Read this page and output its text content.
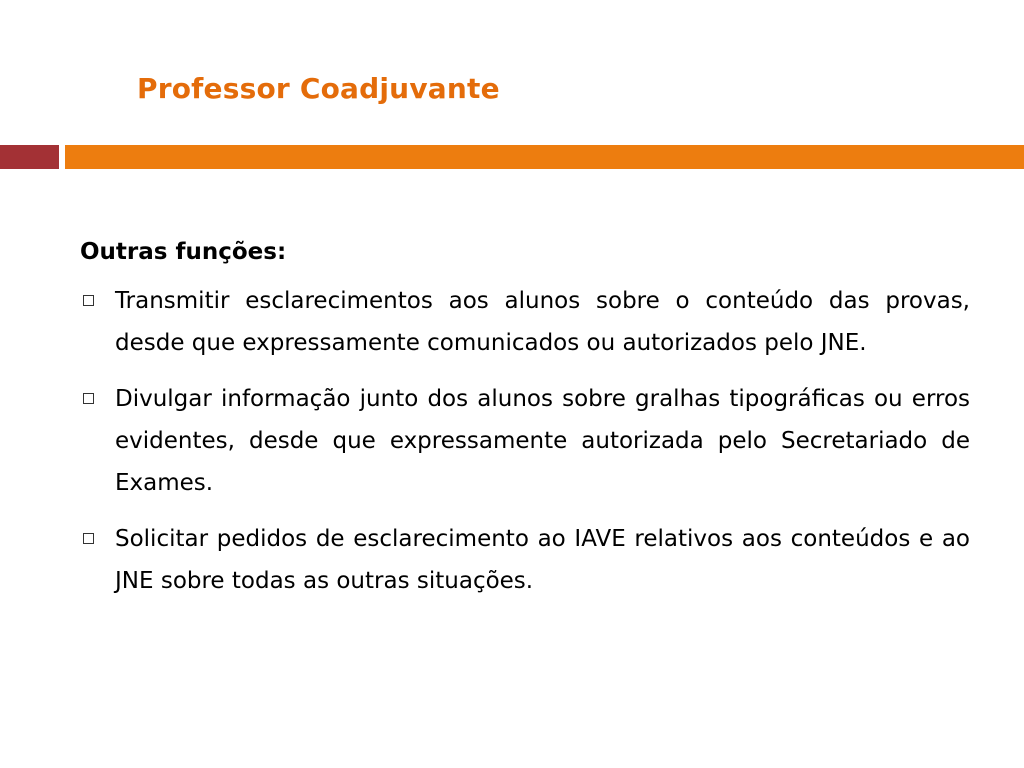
Professor Coadjuvante
Outras funções:
Transmitir esclarecimentos aos alunos sobre o conteúdo das provas, desde que expressamente comunicados ou autorizados pelo JNE.
Divulgar informação junto dos alunos sobre gralhas tipográficas ou erros evidentes, desde que expressamente autorizada pelo Secretariado de Exames.
Solicitar pedidos de esclarecimento ao IAVE relativos aos conteúdos e ao JNE sobre todas as outras situações.
